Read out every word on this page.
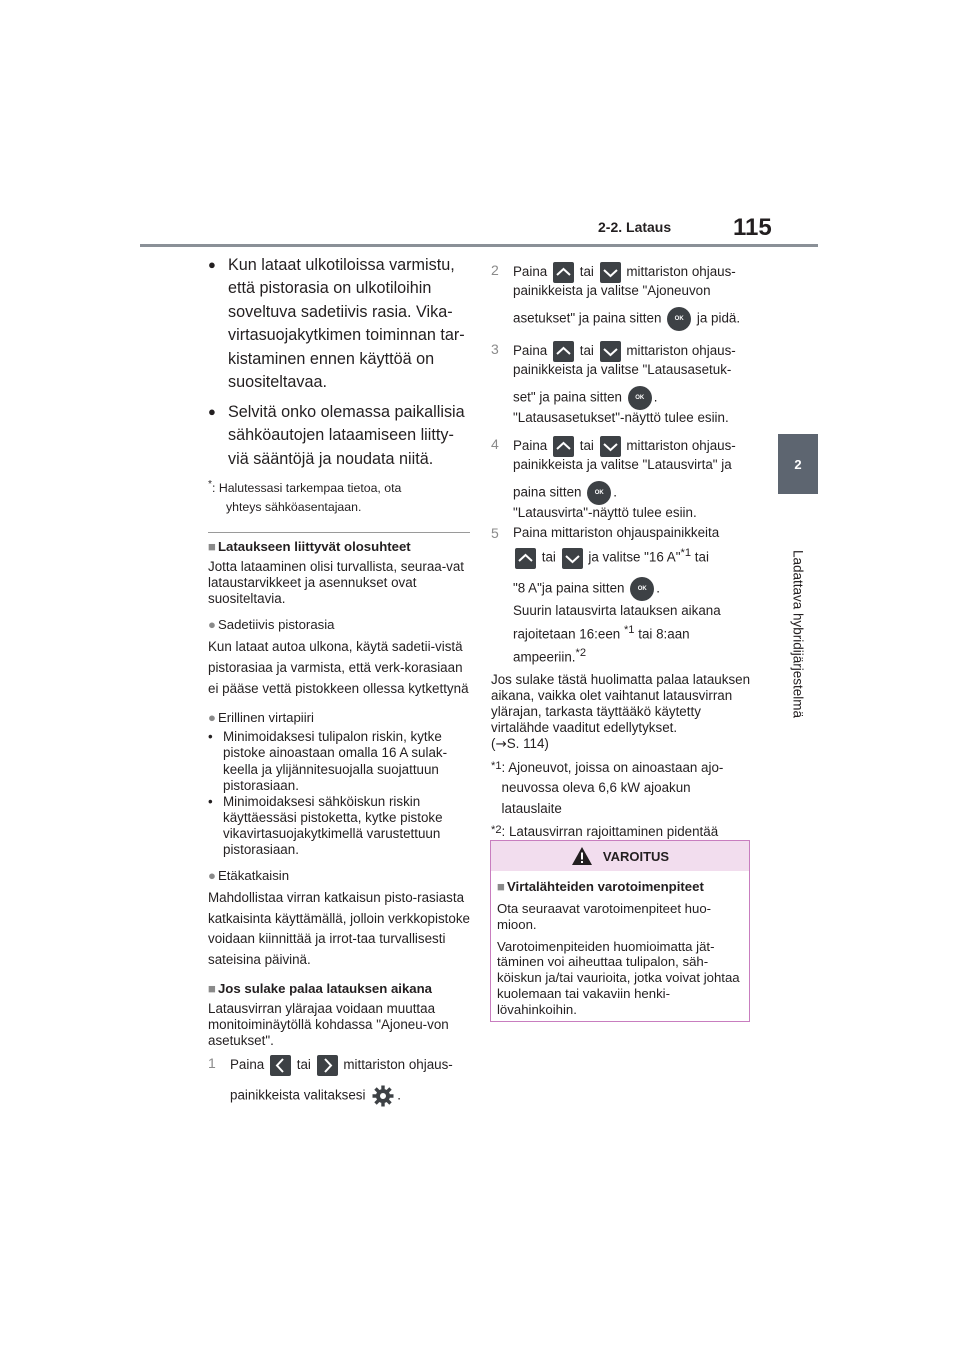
2-2. Lataus	115
2
Ladattava hybridijärjestelmä
● Kun lataat ulkotiloissa varmistu, että pistorasia on ulkotiloihin soveltuva sadetiivis rasia. Vika-virtasuojakytkimen toiminnan tar-kistaminen ennen käyttöä on suositeltavaa.
● Selvitä onko olemassa paikallisia sähköautojen lataamiseen liitty-viä sääntöjä ja noudata niitä.
*: Halutessasi tarkempaa tietoa, ota
yhteys sähköasentajaan.
■ Lataukseen liittyvät olosuhteet

Jotta lataaminen olisi turvallista, seuraa-vat lataustarvikkeet ja asennukset ovat suositeltavia.

● Sadetiivis pistorasia

Kun lataat autoa ulkona, käytä sadetii-vistä pistorasiaa ja varmista, että verk-korasiaan ei pääse vettä pistokkeen ollessa kytkettynä

● Erillinen virtapiiri
• Minimoidaksesi tulipalon riskin, kytke pistoke ainoastaan omalla 16 A sulak-keella ja ylijännitesuojalla suojattuun pistorasiaan.
• Minimoidaksesi sähköiskun riskin käyttäessäsi pistoketta, kytke pistoke vikavirtasuojakytkimellä varustettuun pistorasiaan.
● Etäkatkaisin

Mahdollistaa virran katkaisun pisto-rasiasta katkaisinta käyttämällä, jolloin verkkopistoke voidaan kiinnittää ja irrot-taa turvallisesti sateisina päivinä.

■ Jos sulake palaa latauksen aikana

Latausvirran ylärajaa voidaan muuttaa monitoiminäytöllä kohdassa "Ajoneu-von asetukset".

1	Paina tai mittariston ohjaus-
painikkeista valitaksesi .
2	Paina tai mittariston ohjaus-painikkeista ja valitse "Ajoneuvon
asetukset" ja paina sitten OK ja pidä.
3	Paina tai mittariston ohjaus-painikkeista ja valitse "Latausasetuk-
set" ja paina sitten OK .
"Latausasetukset"-näyttö tulee esiin.
4	Paina tai mittariston ohjaus-painikkeista ja valitse "Latausvirta" ja
paina sitten OK .
"Latausvirta"-näyttö tulee esiin.
5	Paina mittariston ohjauspainikkeita
tai ja valitse "16 A"$^{*1}$ tai
"8 A"ja paina sitten OK .
Suurin latausvirta latauksen aikana rajoitetaan 16:een $^{*1}$ tai 8:aan ampeeriin.$^{*2}$

Jos sulake tästä huolimatta palaa latauksen aikana, vaikka olet vaihtanut latausvirran ylärajan, tarkasta täyttääkö käytetty virtalähde vaaditut edellytykset.
(→S. 114)

*1 : Ajoneuvot, joissa on ainoastaan ajo-neuvossa oleva 6,6 kW ajoakun latauslaite
*2 : Latausvirran rajoittaminen pidentää
VAROITUS
■ Virtalähteiden varotoimenpiteet

Ota seuraavat varotoimenpiteet huo-mioon.

Varotoimenpiteiden huomioimatta jät-täminen voi aiheuttaa tulipalon, säh-köiskun ja/tai vaurioita, jotka voivat johtaa kuolemaan tai vakaviin henki-lövahinkoihin.
